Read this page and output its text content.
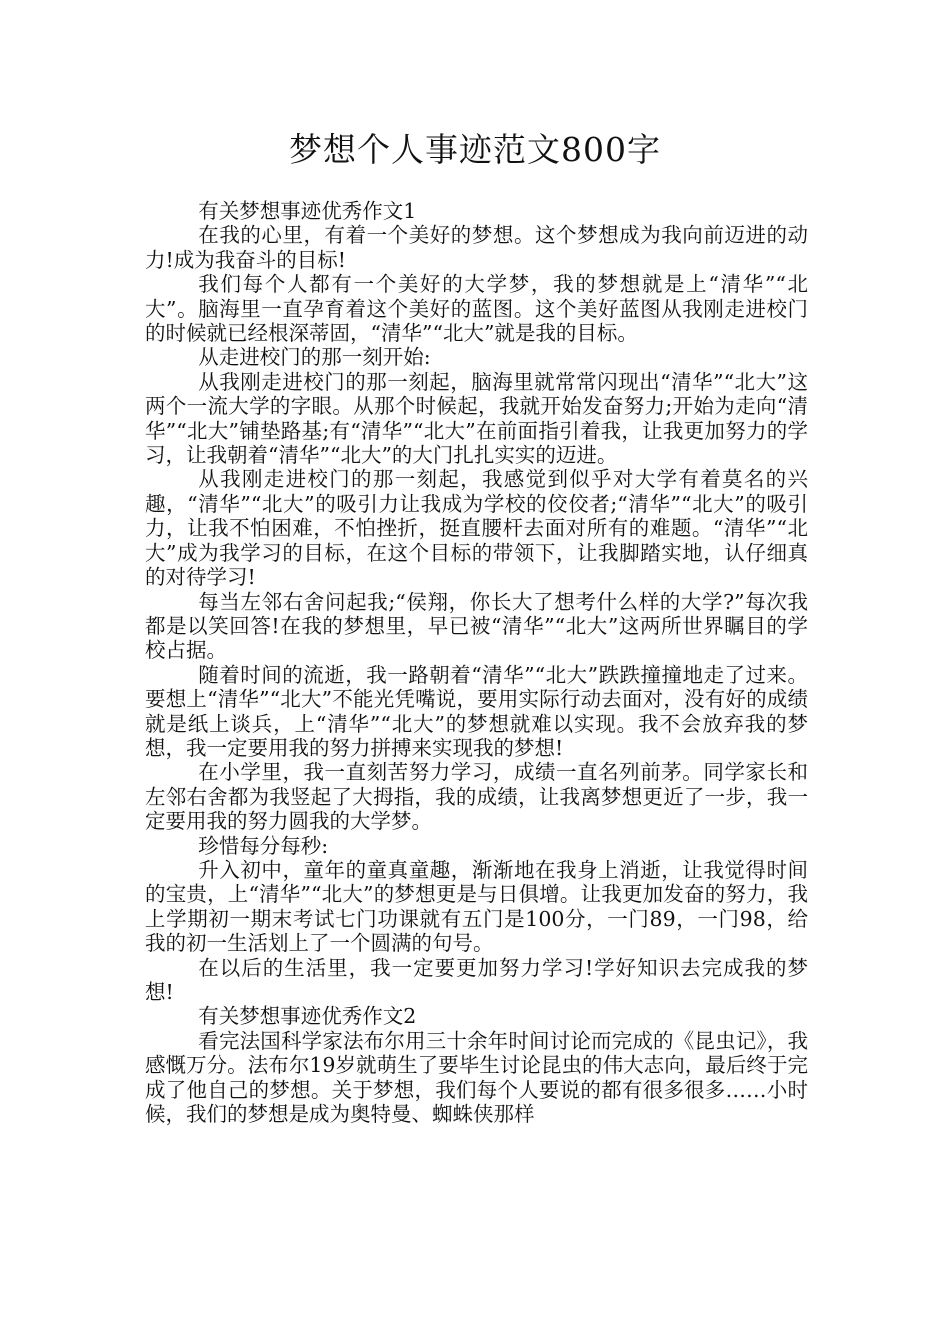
梦想个人事迹范文800字

有关梦想事迹优秀作文1

在我的心里，有着一个美好的梦想。这个梦想成为我向前迈进的动力!成为我奋斗的目标!

我们每个人都有一个美好的大学梦，我的梦想就是上“清华”“北大”。脑海里一直孕育着这个美好的蓝图。这个美好蓝图从我刚走进校门的时候就已经根深蒂固，“清华”“北大”就是我的目标。

从走进校门的那一刻开始:

从我刚走进校门的那一刻起，脑海里就常常闪现出“清华”“北大”这两个一流大学的字眼。从那个时候起，我就开始发奋努力;开始为走向“清华”“北大”铺垫路基;有“清华”“北大”在前面指引着我，让我更加努力的学习，让我朝着“清华”“北大”的大门扎扎实实的迈进。

从我刚走进校门的那一刻起，我感觉到似乎对大学有着莫名的兴趣，“清华”“北大”的吸引力让我成为学校的佼佼者;“清华”“北大”的吸引力，让我不怕困难，不怕挫折，挺直腰杆去面对所有的难题。“清华”“北大”成为我学习的目标，在这个目标的带领下，让我脚踏实地，认仔细真的对待学习!

每当左邻右舍问起我;“侯翔，你长大了想考什么样的大学?”每次我都是以笑回答!在我的梦想里，早已被“清华”“北大”这两所世界瞩目的学校占据。

随着时间的流逝，我一路朝着“清华”“北大”跌跌撞撞地走了过来。要想上“清华”“北大”不能光凭嘴说，要用实际行动去面对，没有好的成绩就是纸上谈兵，上“清华”“北大”的梦想就难以实现。我不会放弃我的梦想，我一定要用我的努力拼搏来实现我的梦想!

在小学里，我一直刻苦努力学习，成绩一直名列前茅。同学家长和左邻右舍都为我竖起了大拇指，我的成绩，让我离梦想更近了一步，我一定要用我的努力圆我的大学梦。

珍惜每分每秒:

升入初中，童年的童真童趣，渐渐地在我身上消逝，让我觉得时间的宝贵，上“清华”“北大”的梦想更是与日俱增。让我更加发奋的努力，我上学期初一期末考试七门功课就有五门是100分，一门89，一门98，给我的初一生活划上了一个圆满的句号。

在以后的生活里，我一定要更加努力学习!学好知识去完成我的梦想!

有关梦想事迹优秀作文2

看完法国科学家法布尔用三十余年时间讨论而完成的《昆虫记》，我感慨万分。法布尔19岁就萌生了要毕生讨论昆虫的伟大志向，最后终于完成了他自己的梦想。关于梦想，我们每个人要说的都有很多很多……小时候，我们的梦想是成为奥特曼、蜘蛛侠那样
